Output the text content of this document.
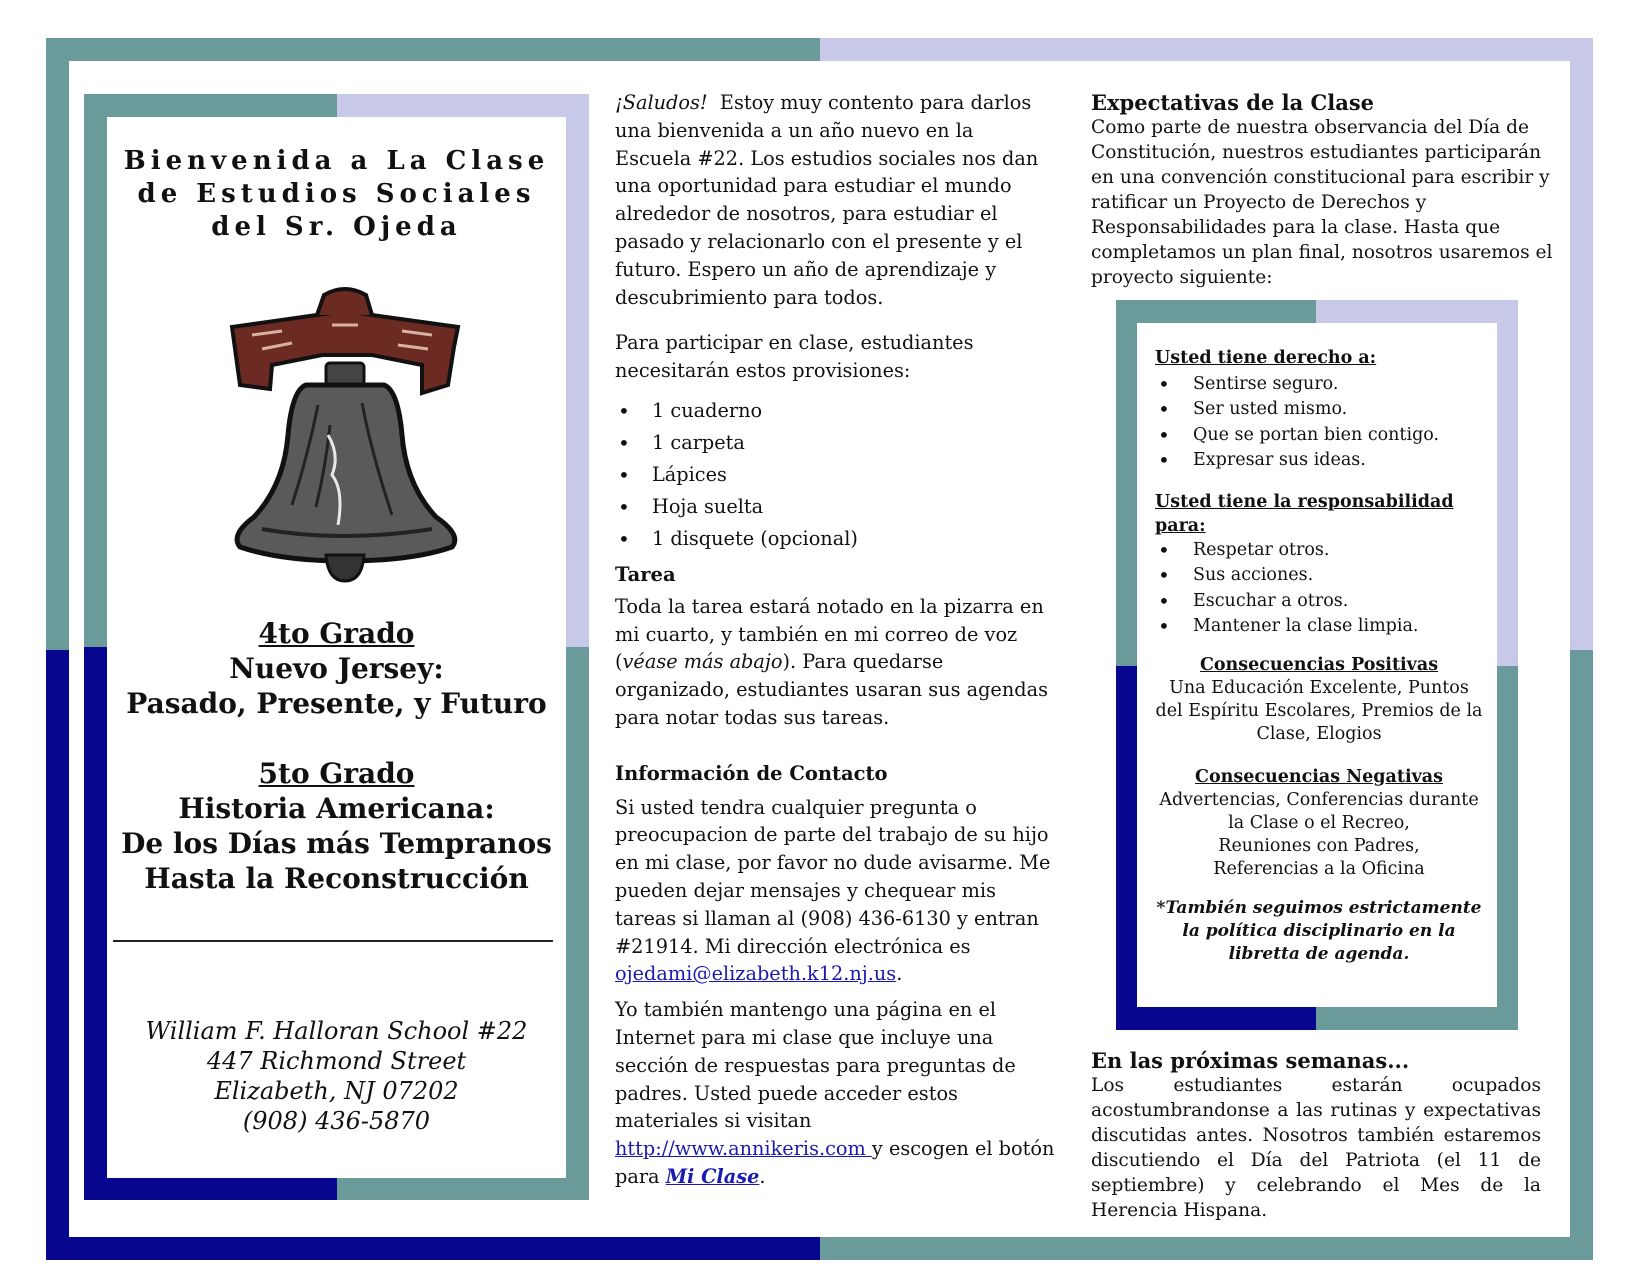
Bienvenida a La Clase
de Estudios Sociales
del Sr. Ojeda
4to Grado
Nuevo Jersey:
Pasado, Presente, y Futuro
5to Grado
Historia Americana:
De los Días más Tempranos
Hasta la Reconstrucción
William F. Halloran School #22
447 Richmond Street
Elizabeth, NJ 07202
(908) 436-5870

¡Saludos! Estoy muy contento para darlos una bienvenida a un año nuevo en la Escuela #22. Los estudios sociales nos dan una oportunidad para estudiar el mundo alrededor de nosotros, para estudiar el pasado y relacionarlo con el presente y el futuro. Espero un año de aprendizaje y descubrimiento para todos.

Para participar en clase, estudiantes necesitarán estos provisiones:

• 1 cuaderno
• 1 carpeta
• Lápices
• Hoja suelta
• 1 disquete (opcional)

Tarea

Toda la tarea estará notado en la pizarra en mi cuarto, y también en mi correo de voz (véase más abajo). Para quedarse organizado, estudiantes usaran sus agendas para notar todas sus tareas.

Información de Contacto

Si usted tendra cualquier pregunta o preocupacion de parte del trabajo de su hijo en mi clase, por favor no dude avisarme. Me pueden dejar mensajes y chequear mis tareas si llaman al (908) 436-6130 y entran #21914. Mi dirección electrónica es ojedami@elizabeth.k12.nj.us.

Yo también mantengo una página en el Internet para mi clase que incluye una sección de respuestas para preguntas de padres. Usted puede acceder estos materiales si visitan http://www.annikeris.com y escogen el botón para Mi Clase.

Expectativas de la Clase
Como parte de nuestra observancia del Día de Constitución, nuestros estudiantes participarán en una convención constitucional para escribir y ratificar un Proyecto de Derechos y Responsabilidades para la clase. Hasta que completamos un plan final, nosotros usaremos el proyecto siguiente:
Usted tiene derecho a:
• Sentirse seguro.
• Ser usted mismo.
• Que se portan bien contigo.
• Expresar sus ideas.
Usted tiene la responsabilidad para:
• Respetar otros.
• Sus acciones.
• Escuchar a otros.
• Mantener la clase limpia.
Consecuencias Positivas
Una Educación Excelente, Puntos
del Espíritu Escolares, Premios de la
Clase, Elogios
Consecuencias Negativas
Advertencias, Conferencias durante
la Clase o el Recreo,
Reuniones con Padres,
Referencias a la Oficina
*También seguimos estrictamente la política disciplinario en la libretta de agenda.
En las próximas semanas...
Los estudiantes estarán ocupados acostumbrandonse a las rutinas y expectativas discutidas antes. Nosotros también estaremos discutiendo el Día del Patriota (el 11 de septiembre) y celebrando el Mes de la Herencia Hispana.
